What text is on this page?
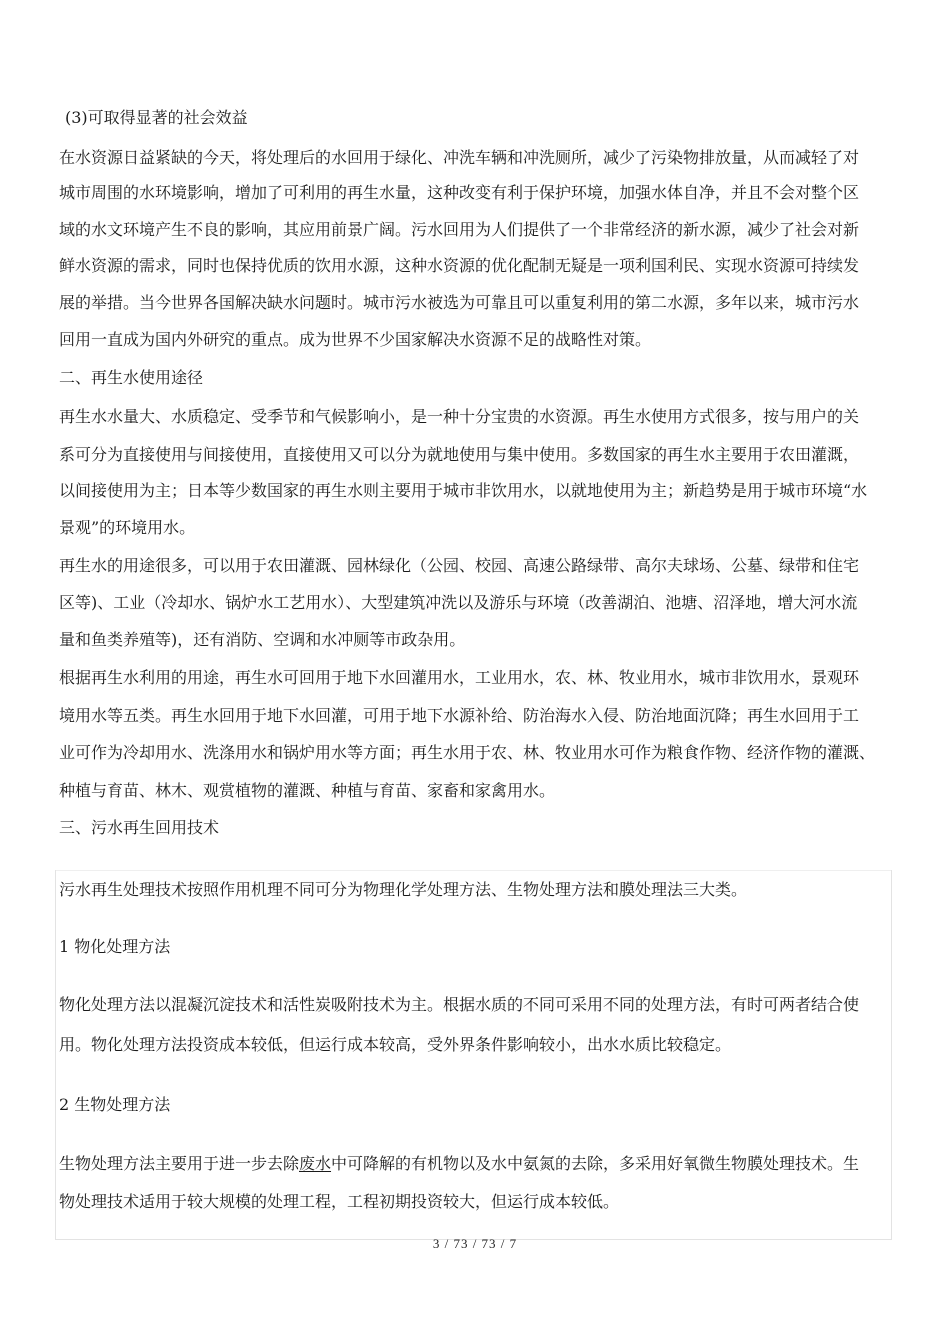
(3)可取得显著的社会效益

在水资源日益紧缺的今天，将处理后的水回用于绿化、冲洗车辆和冲洗厕所，减少了污染物排放量，从而减轻了对

城市周围的水环境影响，增加了可利用的再生水量，这种改变有利于保护环境，加强水体自净，并且不会对整个区

域的水文环境产生不良的影响，其应用前景广阔。污水回用为人们提供了一个非常经济的新水源，减少了社会对新

鲜水资源的需求，同时也保持优质的饮用水源，这种水资源的优化配制无疑是一项利国利民、实现水资源可持续发

展的举措。当今世界各国解决缺水问题时。城市污水被选为可靠且可以重复利用的第二水源，多年以来，城市污水

回用一直成为国内外研究的重点。成为世界不少国家解决水资源不足的战略性对策。

二、再生水使用途径

再生水水量大、水质稳定、受季节和气候影响小，是一种十分宝贵的水资源。再生水使用方式很多，按与用户的关

系可分为直接使用与间接使用，直接使用又可以分为就地使用与集中使用。多数国家的再生水主要用于农田灌溉，

以间接使用为主；日本等少数国家的再生水则主要用于城市非饮用水，以就地使用为主；新趋势是用于城市环境“水

景观”的环境用水。

再生水的用途很多，可以用于农田灌溉、园林绿化（公园、校园、高速公路绿带、高尔夫球场、公墓、绿带和住宅

区等)、工业（冷却水、锅炉水工艺用水）、大型建筑冲洗以及游乐与环境（改善湖泊、池塘、沼泽地，增大河水流

量和鱼类养殖等)，还有消防、空调和水冲厕等市政杂用。

根据再生水利用的用途，再生水可回用于地下水回灌用水，工业用水，农、林、牧业用水，城市非饮用水，景观环

境用水等五类。再生水回用于地下水回灌，可用于地下水源补给、防治海水入侵、防治地面沉降；再生水回用于工

业可作为冷却用水、洗涤用水和锅炉用水等方面；再生水用于农、林、牧业用水可作为粮食作物、经济作物的灌溉、

种植与育苗、林木、观赏植物的灌溉、种植与育苗、家畜和家禽用水。

三、污水再生回用技术

污水再生处理技术按照作用机理不同可分为物理化学处理方法、生物处理方法和膜处理法三大类。

1 物化处理方法

物化处理方法以混凝沉淀技术和活性炭吸附技术为主。根据水质的不同可采用不同的处理方法，有时可两者结合使

用。物化处理方法投资成本较低，但运行成本较高，受外界条件影响较小，出水水质比较稳定。

2 生物处理方法

生物处理方法主要用于进一步去除废水中可降解的有机物以及水中氨氮的去除，多采用好氧微生物膜处理技术。生

物处理技术适用于较大规模的处理工程，工程初期投资较大，但运行成本较低。

3 / 73 / 73 / 7
